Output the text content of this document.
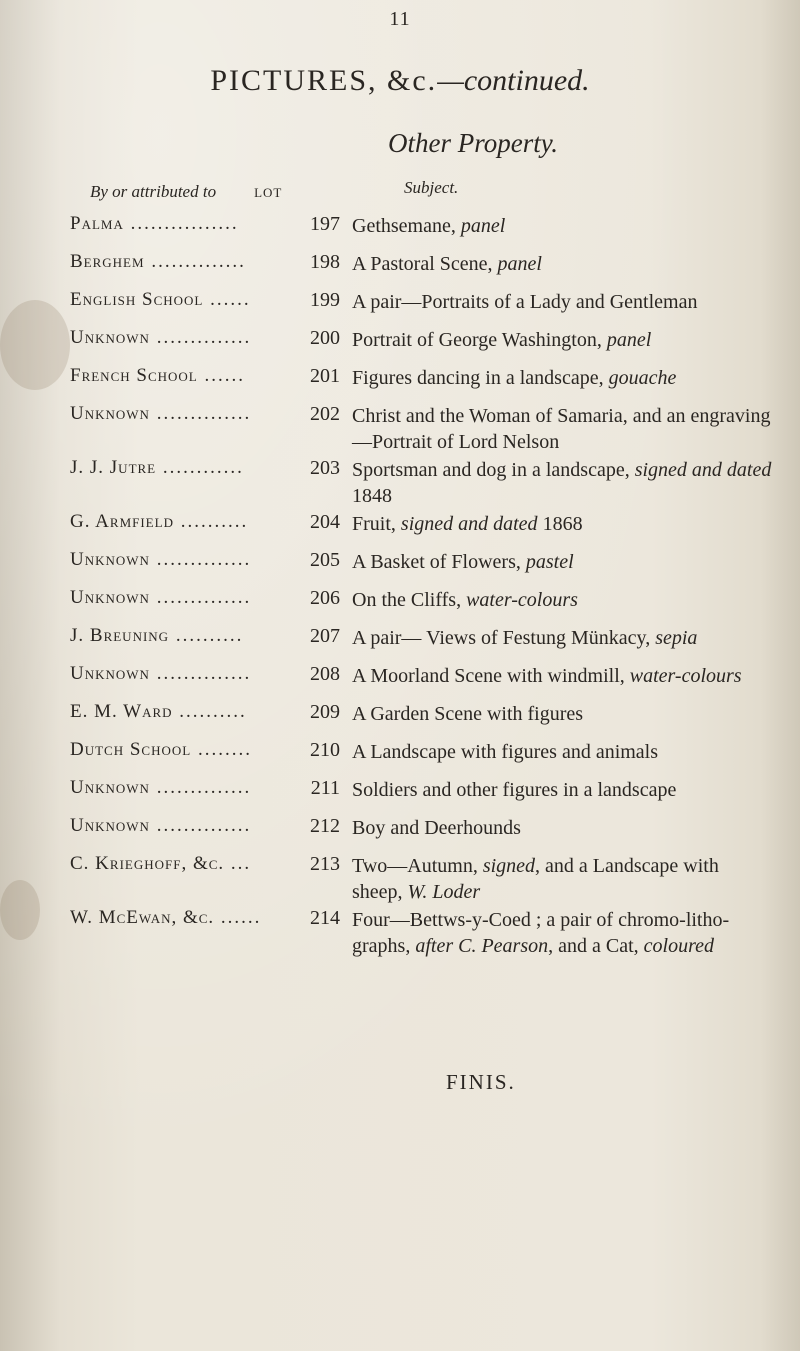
11
PICTURES, &c.—continued.
Other Property.
By or attributed to	LOT	Subject.
Palma ................	197 Gethsemane, panel
Berghem ..............	198 A Pastoral Scene, panel
English School ......	199 A pair—Portraits of a Lady and Gentleman
Unknown ..............	200 Portrait of George Washington, panel
French School ......	201 Figures dancing in a landscape, gouache
Unknown ..............	202 Christ and the Woman of Samaria, and an engraving—Portrait of Lord Nelson
J. J. Jutre ............	203 Sportsman and dog in a landscape, signed and dated 1848
G. Armfield ..........	204 Fruit, signed and dated 1868
Unknown ..............	205 A Basket of Flowers, pastel
Unknown ..............	206 On the Cliffs, water-colours
J. Breuning ..........	207 A pair— Views of Festung Münkacy, sepia
Unknown ..............	208 A Moorland Scene with windmill, water-colours
E. M. Ward ..........	209 A Garden Scene with figures
Dutch School ........	210 A Landscape with figures and animals
Unknown ..............	211 Soldiers and other figures in a landscape
Unknown ..............	212 Boy and Deerhounds
C. Krieghoff, &c. ...	213 Two—Autumn, signed, and a Landscape with sheep, W. Loder
W. McEwan, &c. ......	214 Four—Bettws-y-Coed ; a pair of chromo-litho-graphs, after C. Pearson, and a Cat, coloured
FINIS.
